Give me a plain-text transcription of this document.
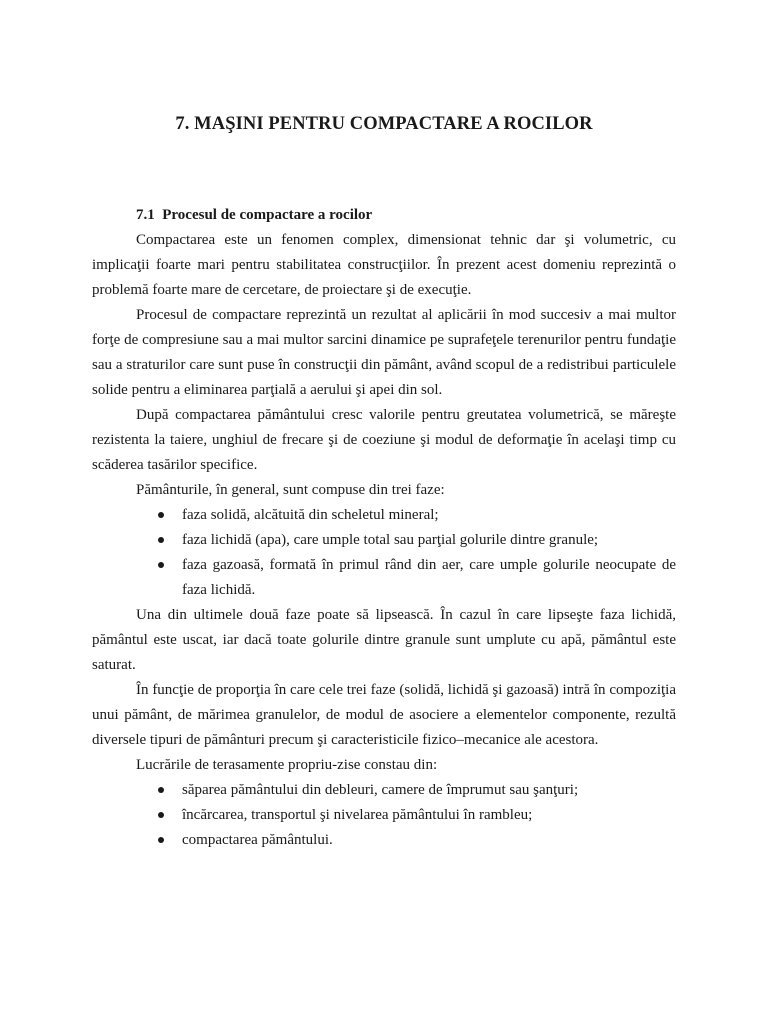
7. MAŞINI PENTRU COMPACTARE A ROCILOR
7.1  Procesul de compactare a rocilor

Compactarea este un fenomen complex, dimensionat tehnic dar şi volumetric, cu implicaţii foarte mari pentru stabilitatea construcţiilor. În prezent acest domeniu reprezintă o problemă foarte mare de cercetare, de proiectare şi de execuţie.

Procesul de compactare reprezintă un rezultat al aplicării în mod succesiv a mai multor forţe de compresiune sau a mai multor sarcini dinamice pe suprafeţele terenurilor pentru fundaţie sau a straturilor care sunt puse în construcţii din pământ, având scopul de a redistribui particulele solide pentru a eliminarea parţială a aerului şi apei din sol.

După compactarea pământului cresc valorile pentru greutatea volumetrică, se măreşte rezistenta la taiere, unghiul de frecare şi de coeziune şi modul de deformaţie în acelaşi timp cu scăderea tasărilor specifice.

Pământurile, în general, sunt compuse din trei faze:

faza solidă, alcătuită din scheletul mineral;
faza lichidă (apa), care umple total sau parţial golurile dintre granule;
faza gazoasă, formată în primul rând din aer, care umple golurile neocupate de faza lichidă.

Una din ultimele două faze poate să lipsească. În cazul în care lipseşte faza lichidă, pământul este uscat, iar dacă toate golurile dintre granule sunt umplute cu apă, pământul este saturat.

În funcţie de proporţia în care cele trei faze (solidă, lichidă şi gazoasă) intră în compoziţia unui pământ, de mărimea granulelor, de modul de asociere a elementelor componente, rezultă diversele tipuri de pământuri precum şi caracteristicile fizico–mecanice ale acestora.

Lucrările de terasamente propriu-zise constau din:

săparea pământului din debleuri, camere de împrumut sau şanţuri;
încărcarea, transportul şi nivelarea pământului în rambleu;
compactarea pământului.
